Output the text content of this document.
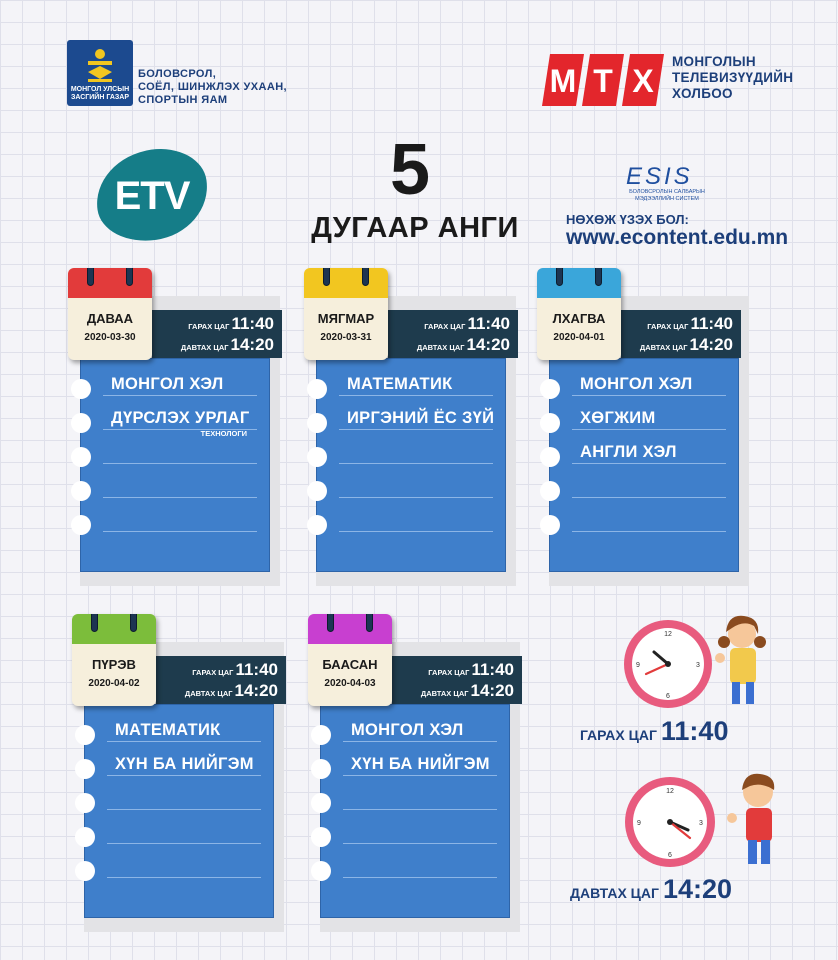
МОНГОЛ УЛСЫН ЗАСГИЙН ГАЗАР
БОЛОВСРОЛ,
СОЁЛ, ШИНЖЛЭХ УХААН,
СПОРТЫН ЯАМ
М Т Х
МОНГОЛЫН
ТЕЛЕВИЗҮҮДИЙН
ХОЛБОО
ETV	5
ДУГААР АНГИ
ESIS
БОЛОВСРОЛЫН САЛБАРЫН МЭДЭЭЛЛИЙН СИСТЕМ
НӨХӨЖ ҮЗЭХ БОЛ:
www.econtent.edu.mn
МОНГОЛ ХЭЛ
ДҮРСЛЭХ УРЛАГ
ТЕХНОЛОГИ
ГАРАХ ЦАГ 11:40
ДАВТАХ ЦАГ 14:20
ДАВАА
2020-03-30
МАТЕМАТИК
ИРГЭНИЙ ЁС ЗҮЙ
ГАРАХ ЦАГ 11:40
ДАВТАХ ЦАГ 14:20
МЯГМАР
2020-03-31
МОНГОЛ ХЭЛ
ХӨГЖИМ
АНГЛИ ХЭЛ
ГАРАХ ЦАГ 11:40
ДАВТАХ ЦАГ 14:20
ЛХАГВА
2020-04-01
МАТЕМАТИК
ХҮН БА НИЙГЭМ
ГАРАХ ЦАГ 11:40
ДАВТАХ ЦАГ 14:20
ПҮРЭВ
2020-04-02
МОНГОЛ ХЭЛ
ХҮН БА НИЙГЭМ
ГАРАХ ЦАГ 11:40
ДАВТАХ ЦАГ 14:20
БААСАН
2020-04-03
12
3
6
9
ГАРАХ ЦАГ 11:40
12
3
6
9
ДАВТАХ ЦАГ 14:20
